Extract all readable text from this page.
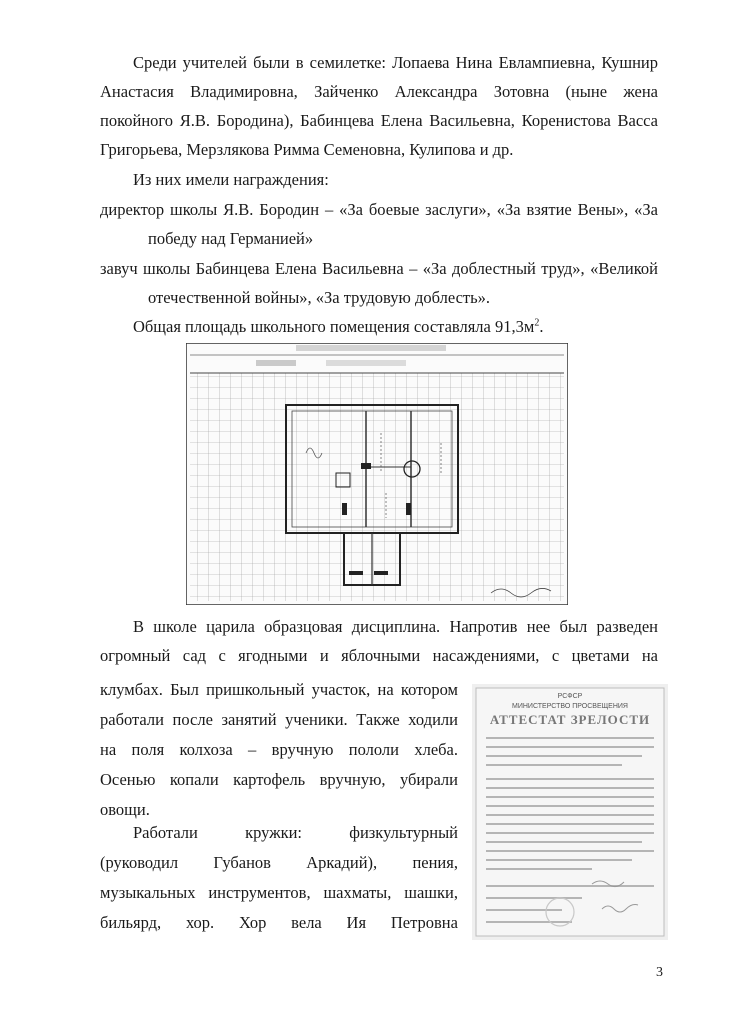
Среди учителей были в семилетке: Лопаева Нина Евлампиевна, Кушнир
Анастасия Владимировна, Зайченко Александра Зотовна (ныне жена
покойного Я.В. Бородина), Бабинцева Елена Васильевна, Коренистова Васса
Григорьева, Мерзлякова Римма Семеновна, Кулипова и др.
Из них имели награждения:
директор школы Я.В. Бородин – «За боевые заслуги», «За взятие Вены», «За
победу над Германией»
завуч школы Бабинцева Елена Васильевна – «За доблестный труд», «Великой
отечественной войны», «За трудовую доблесть».
Общая площадь школьного помещения составляла $91,3м^2$.
В школе царила образцовая дисциплина. Напротив нее был разведен
огромный сад с ягодными и яблочными насаждениями, с цветами на
клумбах. Был пришкольный участок, на котором
работали после занятий ученики. Также ходили
на поля колхоза – вручную пололи хлеба.
Осенью копали картофель вручную, убирали
овощи.
Работали	кружки:	физкультурный
(руководил Губанов Аркадий), пения,
музыкальных инструментов, шахматы, шашки,
бильярд, хор. Хор вела Ия Петровна
РСФСР
МИНИСТЕРСТВО ПРОСВЕЩЕНИЯ
АТТЕСТАТ ЗРЕЛОСТИ
3
